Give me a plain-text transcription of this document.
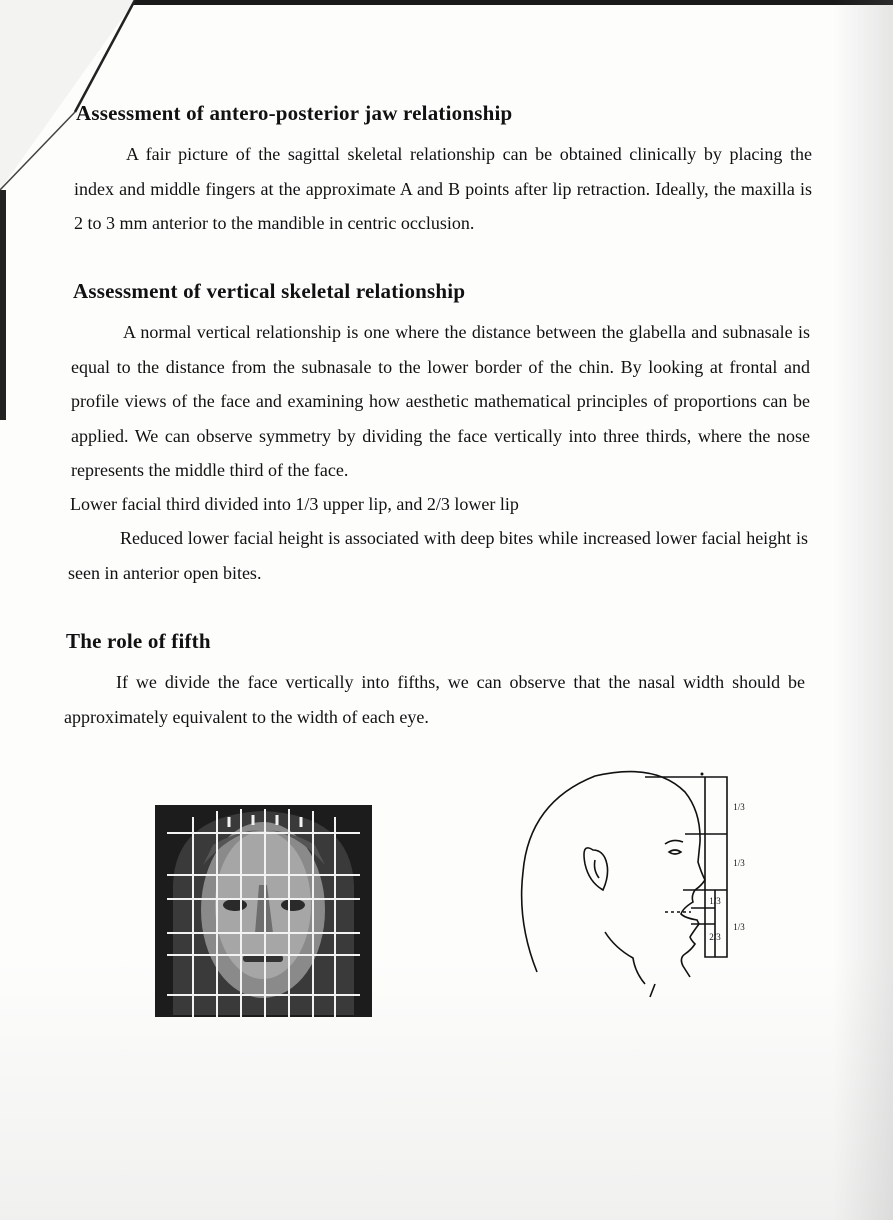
Assessment of antero-posterior jaw relationship

A fair picture of the sagittal skeletal relationship can be obtained clinically by placing the index and middle fingers at the approximate A and B points after lip retraction. Ideally, the maxilla is 2 to 3 mm anterior to the mandible in centric occlusion.

Assessment of vertical skeletal relationship

A normal vertical relationship is one where the distance between the glabella and subnasale is equal to the distance from the subnasale to the lower border of the chin. By looking at frontal and profile views of the face and examining how aesthetic mathematical principles of proportions can be applied. We can observe symmetry by dividing the face vertically into three thirds, where the nose represents the middle third of the face.

Lower facial third divided into 1/3 upper lip, and 2/3 lower lip

Reduced lower facial height is associated with deep bites while increased lower facial height is seen in anterior open bites.

The role of fifth

If we divide the face vertically into fifths, we can observe that the nasal width should be approximately equivalent to the width of each eye.

1/3
1/3
1/3
1/3
2/3
